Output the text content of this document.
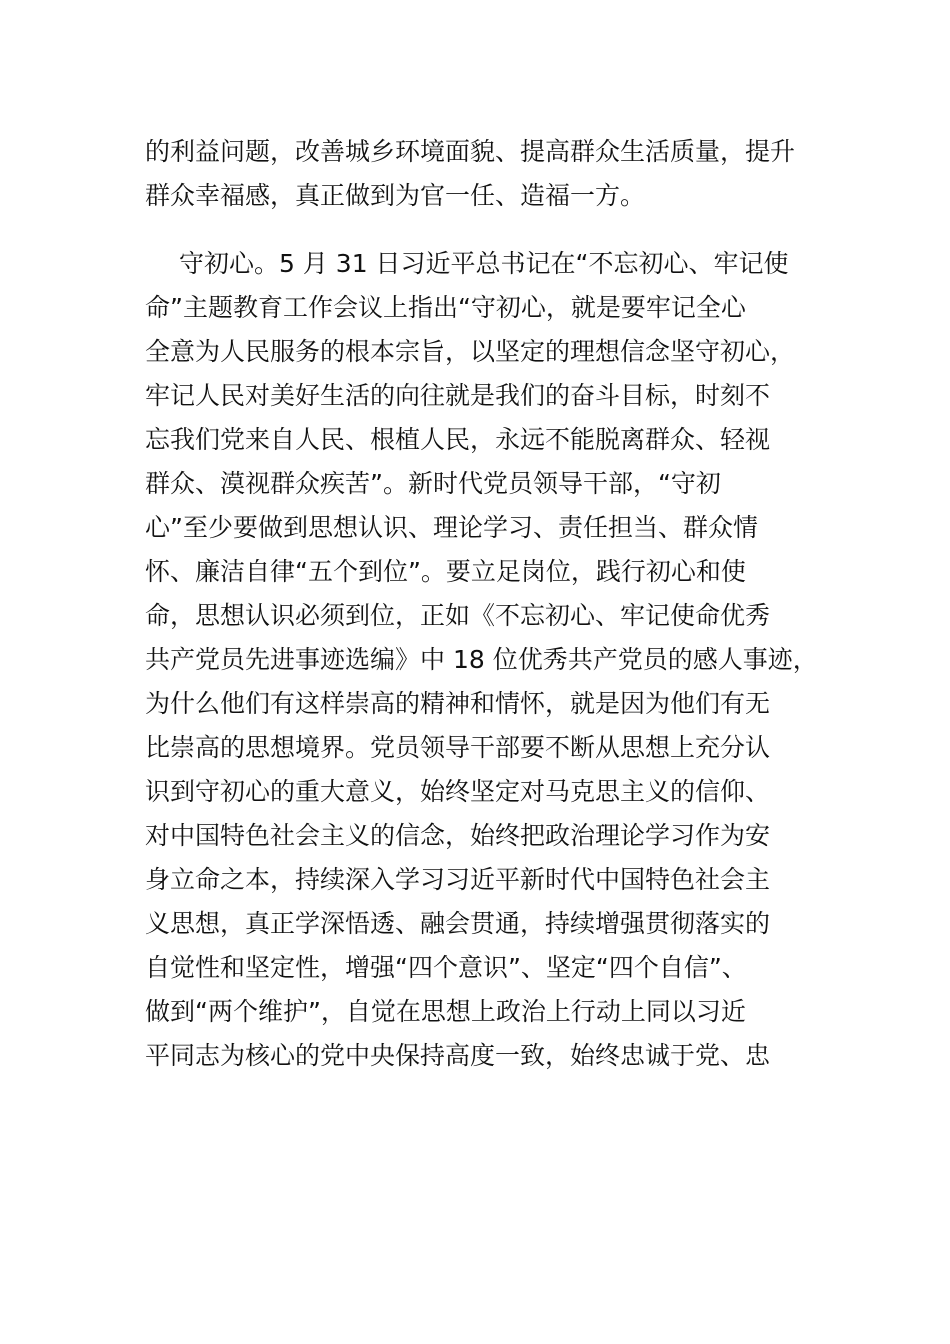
的利益问题，改善城乡环境面貌、提高群众生活质量，提升
群众幸福感，真正做到为官一任、造福一方。
守初心。5 月 31 日习近平总书记在“不忘初心、牢记使
命”主题教育工作会议上指出“守初心，就是要牢记全心
全意为人民服务的根本宗旨，以坚定的理想信念坚守初心，
牢记人民对美好生活的向往就是我们的奋斗目标，时刻不
忘我们党来自人民、根植人民，永远不能脱离群众、轻视
群众、漠视群众疾苦”。新时代党员领导干部，“守初
心”至少要做到思想认识、理论学习、责任担当、群众情
怀、廉洁自律“五个到位”。要立足岗位，践行初心和使
命，思想认识必须到位，正如《不忘初心、牢记使命优秀
共产党员先进事迹选编》中 18 位优秀共产党员的感人事迹，
为什么他们有这样崇高的精神和情怀，就是因为他们有无
比崇高的思想境界。党员领导干部要不断从思想上充分认
识到守初心的重大意义，始终坚定对马克思主义的信仰、
对中国特色社会主义的信念，始终把政治理论学习作为安
身立命之本，持续深入学习习近平新时代中国特色社会主
义思想，真正学深悟透、融会贯通，持续增强贯彻落实的
自觉性和坚定性，增强“四个意识”、坚定“四个自信”、
做到“两个维护”，自觉在思想上政治上行动上同以习近
平同志为核心的党中央保持高度一致，始终忠诚于党、忠
